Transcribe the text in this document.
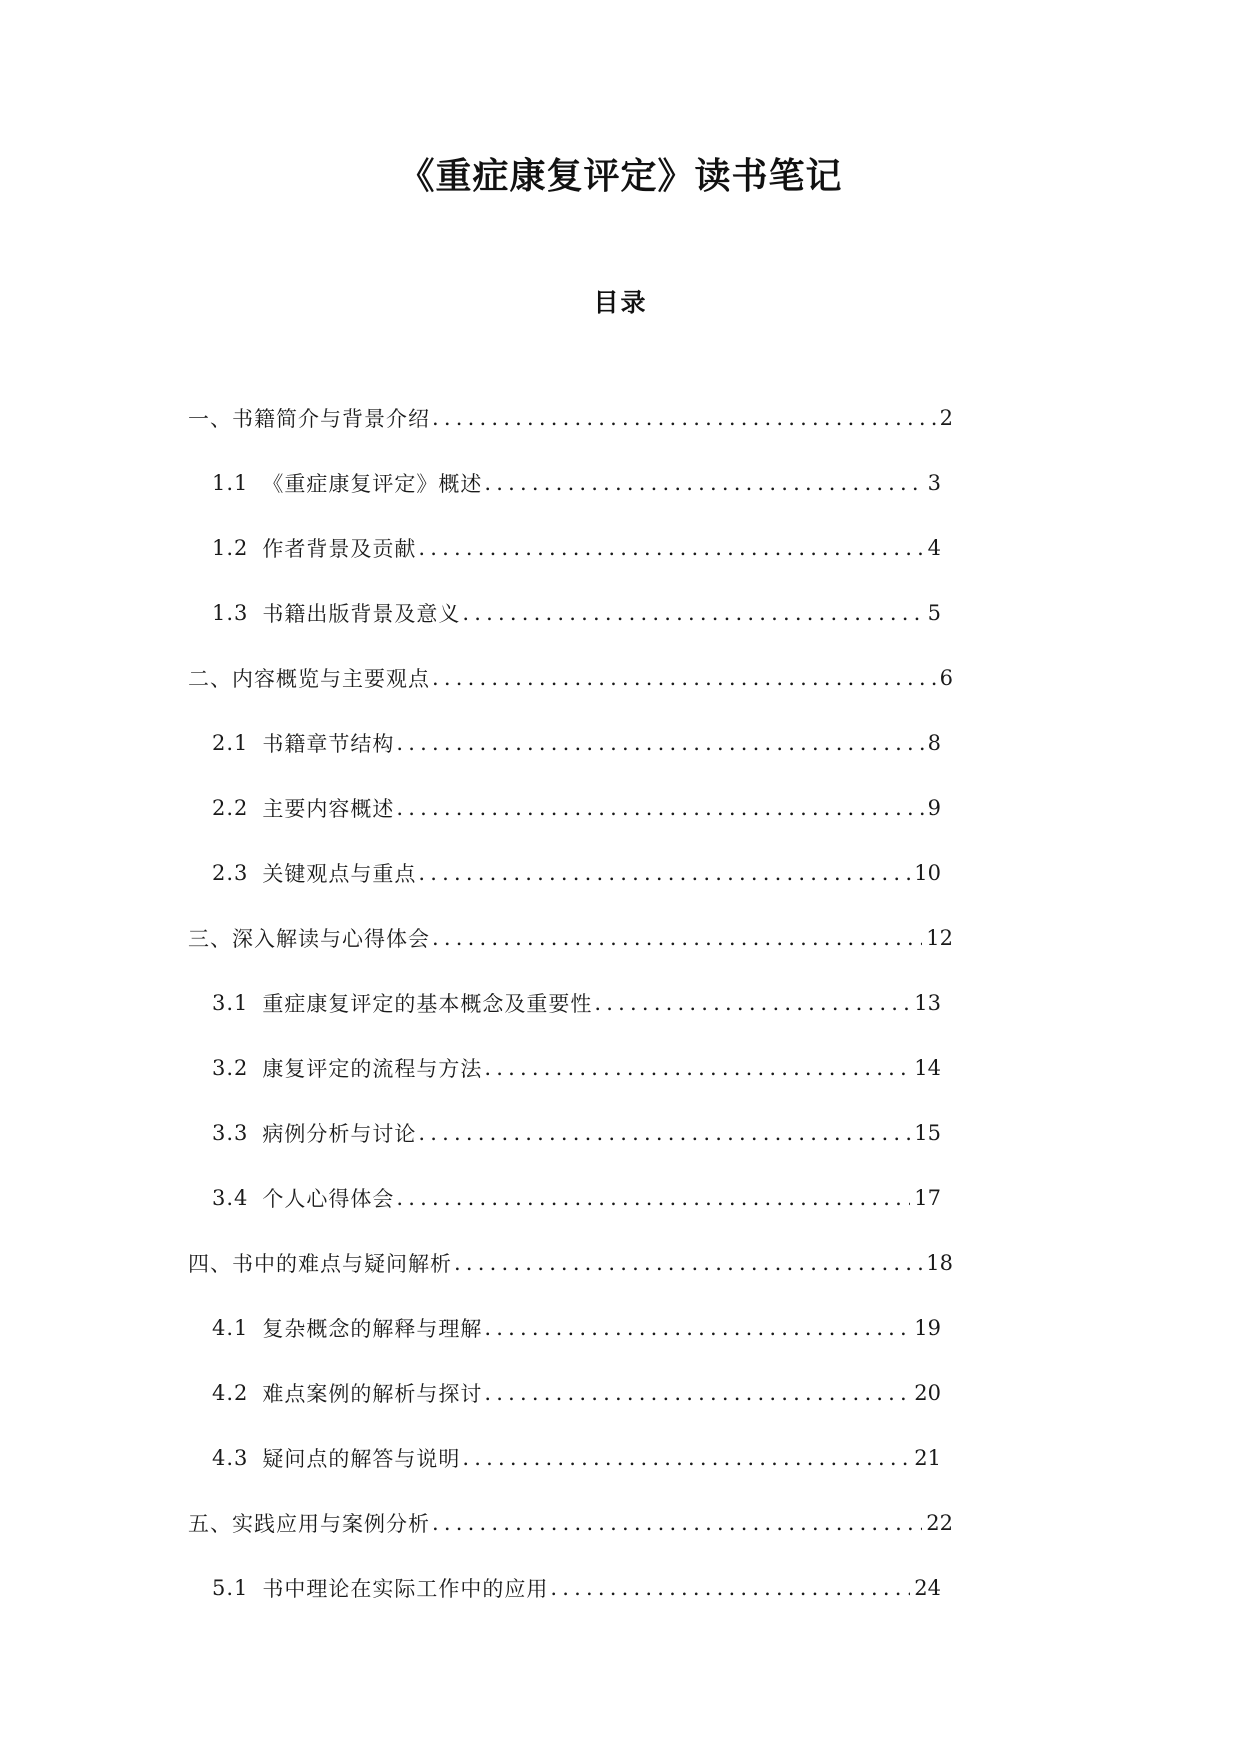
《重症康复评定》读书笔记
目录
一、书籍简介与背景介绍 .....	2
1.1 《重症康复评定》概述 .....	3
1.2 作者背景及贡献 .....	4
1.3 书籍出版背景及意义 .....	5
二、内容概览与主要观点 .....	6
2.1 书籍章节结构 .....	8
2.2 主要内容概述 .....	9
2.3 关键观点与重点 .....	10
三、深入解读与心得体会 .....	12
3.1 重症康复评定的基本概念及重要性 .....	13
3.2 康复评定的流程与方法 .....	14
3.3 病例分析与讨论 .....	15
3.4 个人心得体会 .....	17
四、书中的难点与疑问解析 .....	18
4.1 复杂概念的解释与理解 .....	19
4.2 难点案例的解析与探讨 .....	20
4.3 疑问点的解答与说明 .....	21
五、实践应用与案例分析 .....	22
5.1 书中理论在实际工作中的应用 .....	24
